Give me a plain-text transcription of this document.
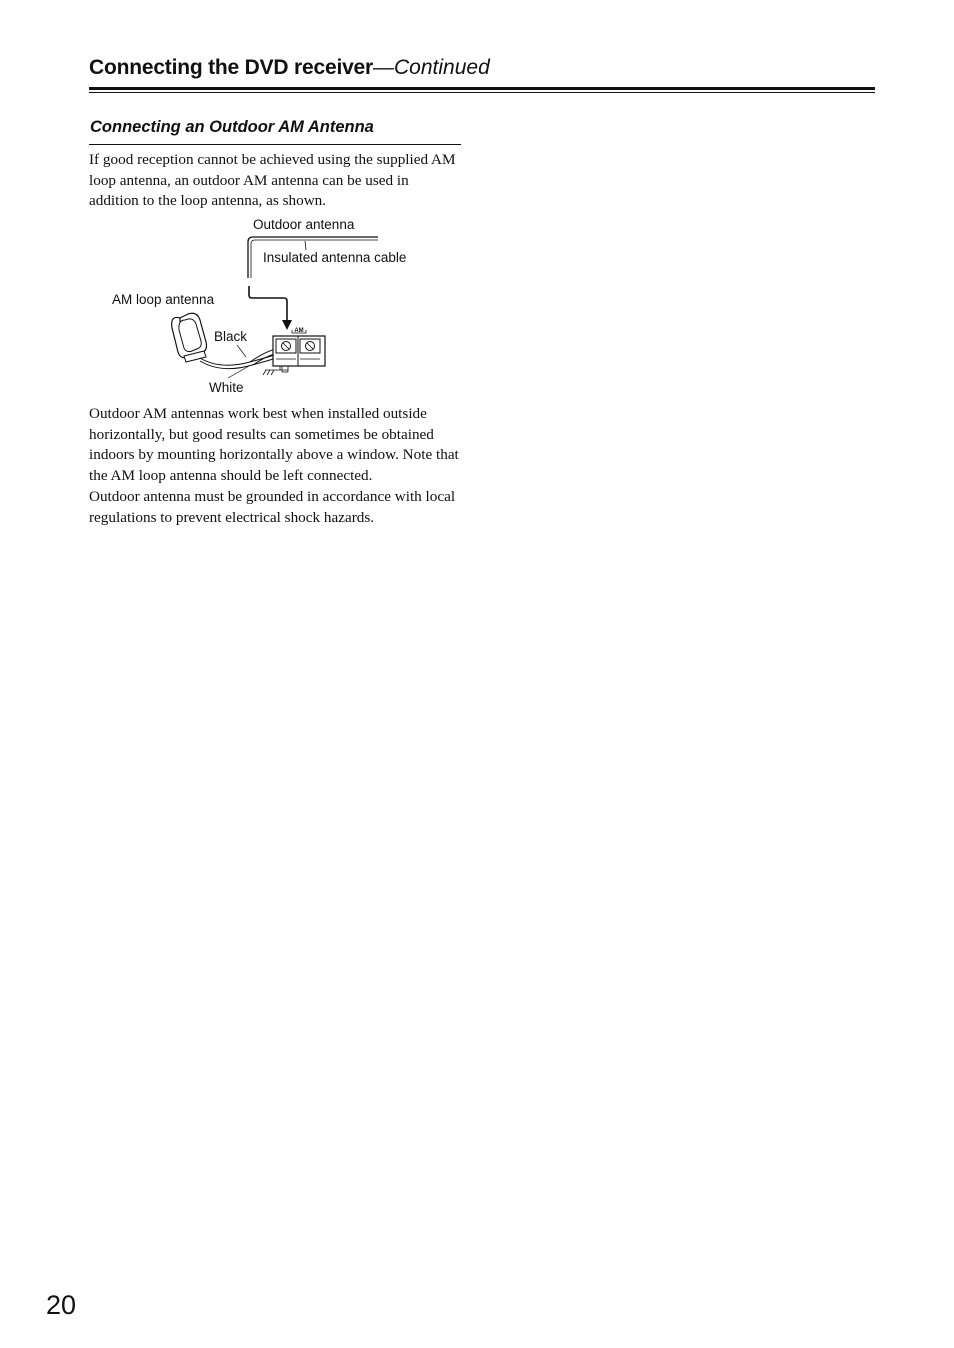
Connecting the DVD receiver—Continued
Connecting an Outdoor AM Antenna

If good reception cannot be achieved using the supplied AM loop antenna, an outdoor AM antenna can be used in addition to the loop antenna, as shown.

AM
Outdoor antenna
Insulated antenna cable
AM loop antenna
Black
White

Outdoor AM antennas work best when installed outside horizontally, but good results can sometimes be obtained indoors by mounting horizontally above a window. Note that the AM loop antenna should be left connected.

Outdoor antenna must be grounded in accordance with local regulations to prevent electrical shock hazards.

20
